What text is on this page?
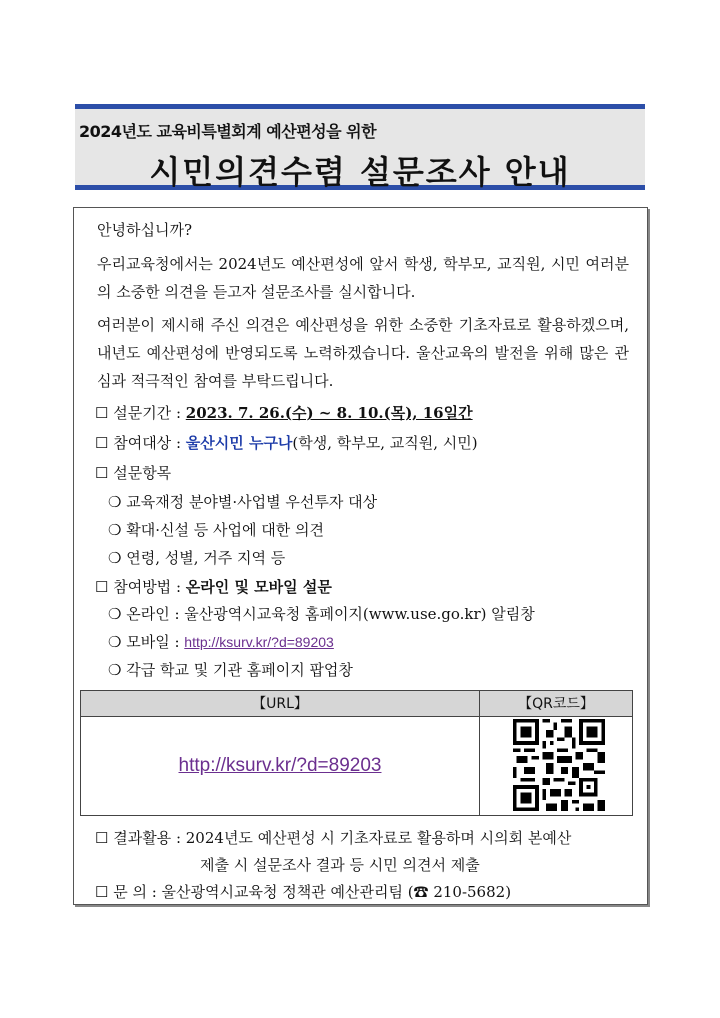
2024년도 교육비특별회계 예산편성을 위한
시민의견수렴 설문조사 안내
안녕하십니까?
우리교육청에서는 2024년도 예산편성에 앞서 학생, 학부모, 교직원, 시민 여러분의 소중한 의견을 듣고자 설문조사를 실시합니다.
여러분이 제시해 주신 의견은 예산편성을 위한 소중한 기초자료로 활용하겠으며, 내년도 예산편성에 반영되도록 노력하겠습니다. 울산교육의 발전을 위해 많은 관심과 적극적인 참여를 부탁드립니다.
☐ 설문기간 : 2023. 7. 26.(수) ~ 8. 10.(목), 16일간
☐ 참여대상 : 울산시민 누구나(학생, 학부모, 교직원, 시민)
☐ 설문항목
❍ 교육재정 분야별·사업별 우선투자 대상
❍ 확대·신설 등 사업에 대한 의견
❍ 연령, 성별, 거주 지역 등
☐ 참여방법 : 온라인 및 모바일 설문
❍ 온라인 : 울산광역시교육청 홈페이지(www.use.go.kr) 알림창
❍ 모바일 : http://ksurv.kr/?d=89203
❍ 각급 학교 및 기관 홈페이지 팝업창
【URL】	【QR코드】
http://ksurv.kr/?d=89203
☐ 결과활용 : 2024년도 예산편성 시 기초자료로 활용하며 시의회 본예산
제출 시 설문조사 결과 등 시민 의견서 제출
☐ 문 의 : 울산광역시교육청 정책관 예산관리팀 (☎ 210-5682)
